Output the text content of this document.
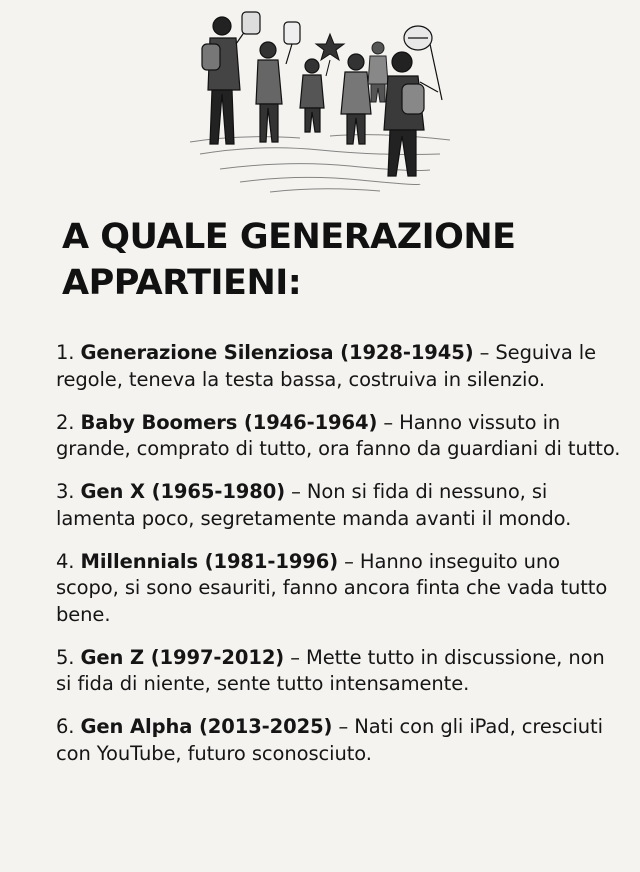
A QUALE GENERAZIONE
APPARTIENI:
1. Generazione Silenziosa (1928-1945) – Seguiva le regole, teneva la testa bassa, costruiva in silenzio.
2. Baby Boomers (1946-1964) – Hanno vissuto in grande, comprato di tutto, ora fanno da guardiani di tutto.
3. Gen X (1965-1980) – Non si fida di nessuno, si lamenta poco, segretamente manda avanti il mondo.
4. Millennials (1981-1996) – Hanno inseguito uno scopo, si sono esauriti, fanno ancora finta che vada tutto bene.
5. Gen Z (1997-2012) – Mette tutto in discussione, non si fida di niente, sente tutto intensamente.
6. Gen Alpha (2013-2025) – Nati con gli iPad, cresciuti con YouTube, futuro sconosciuto.
